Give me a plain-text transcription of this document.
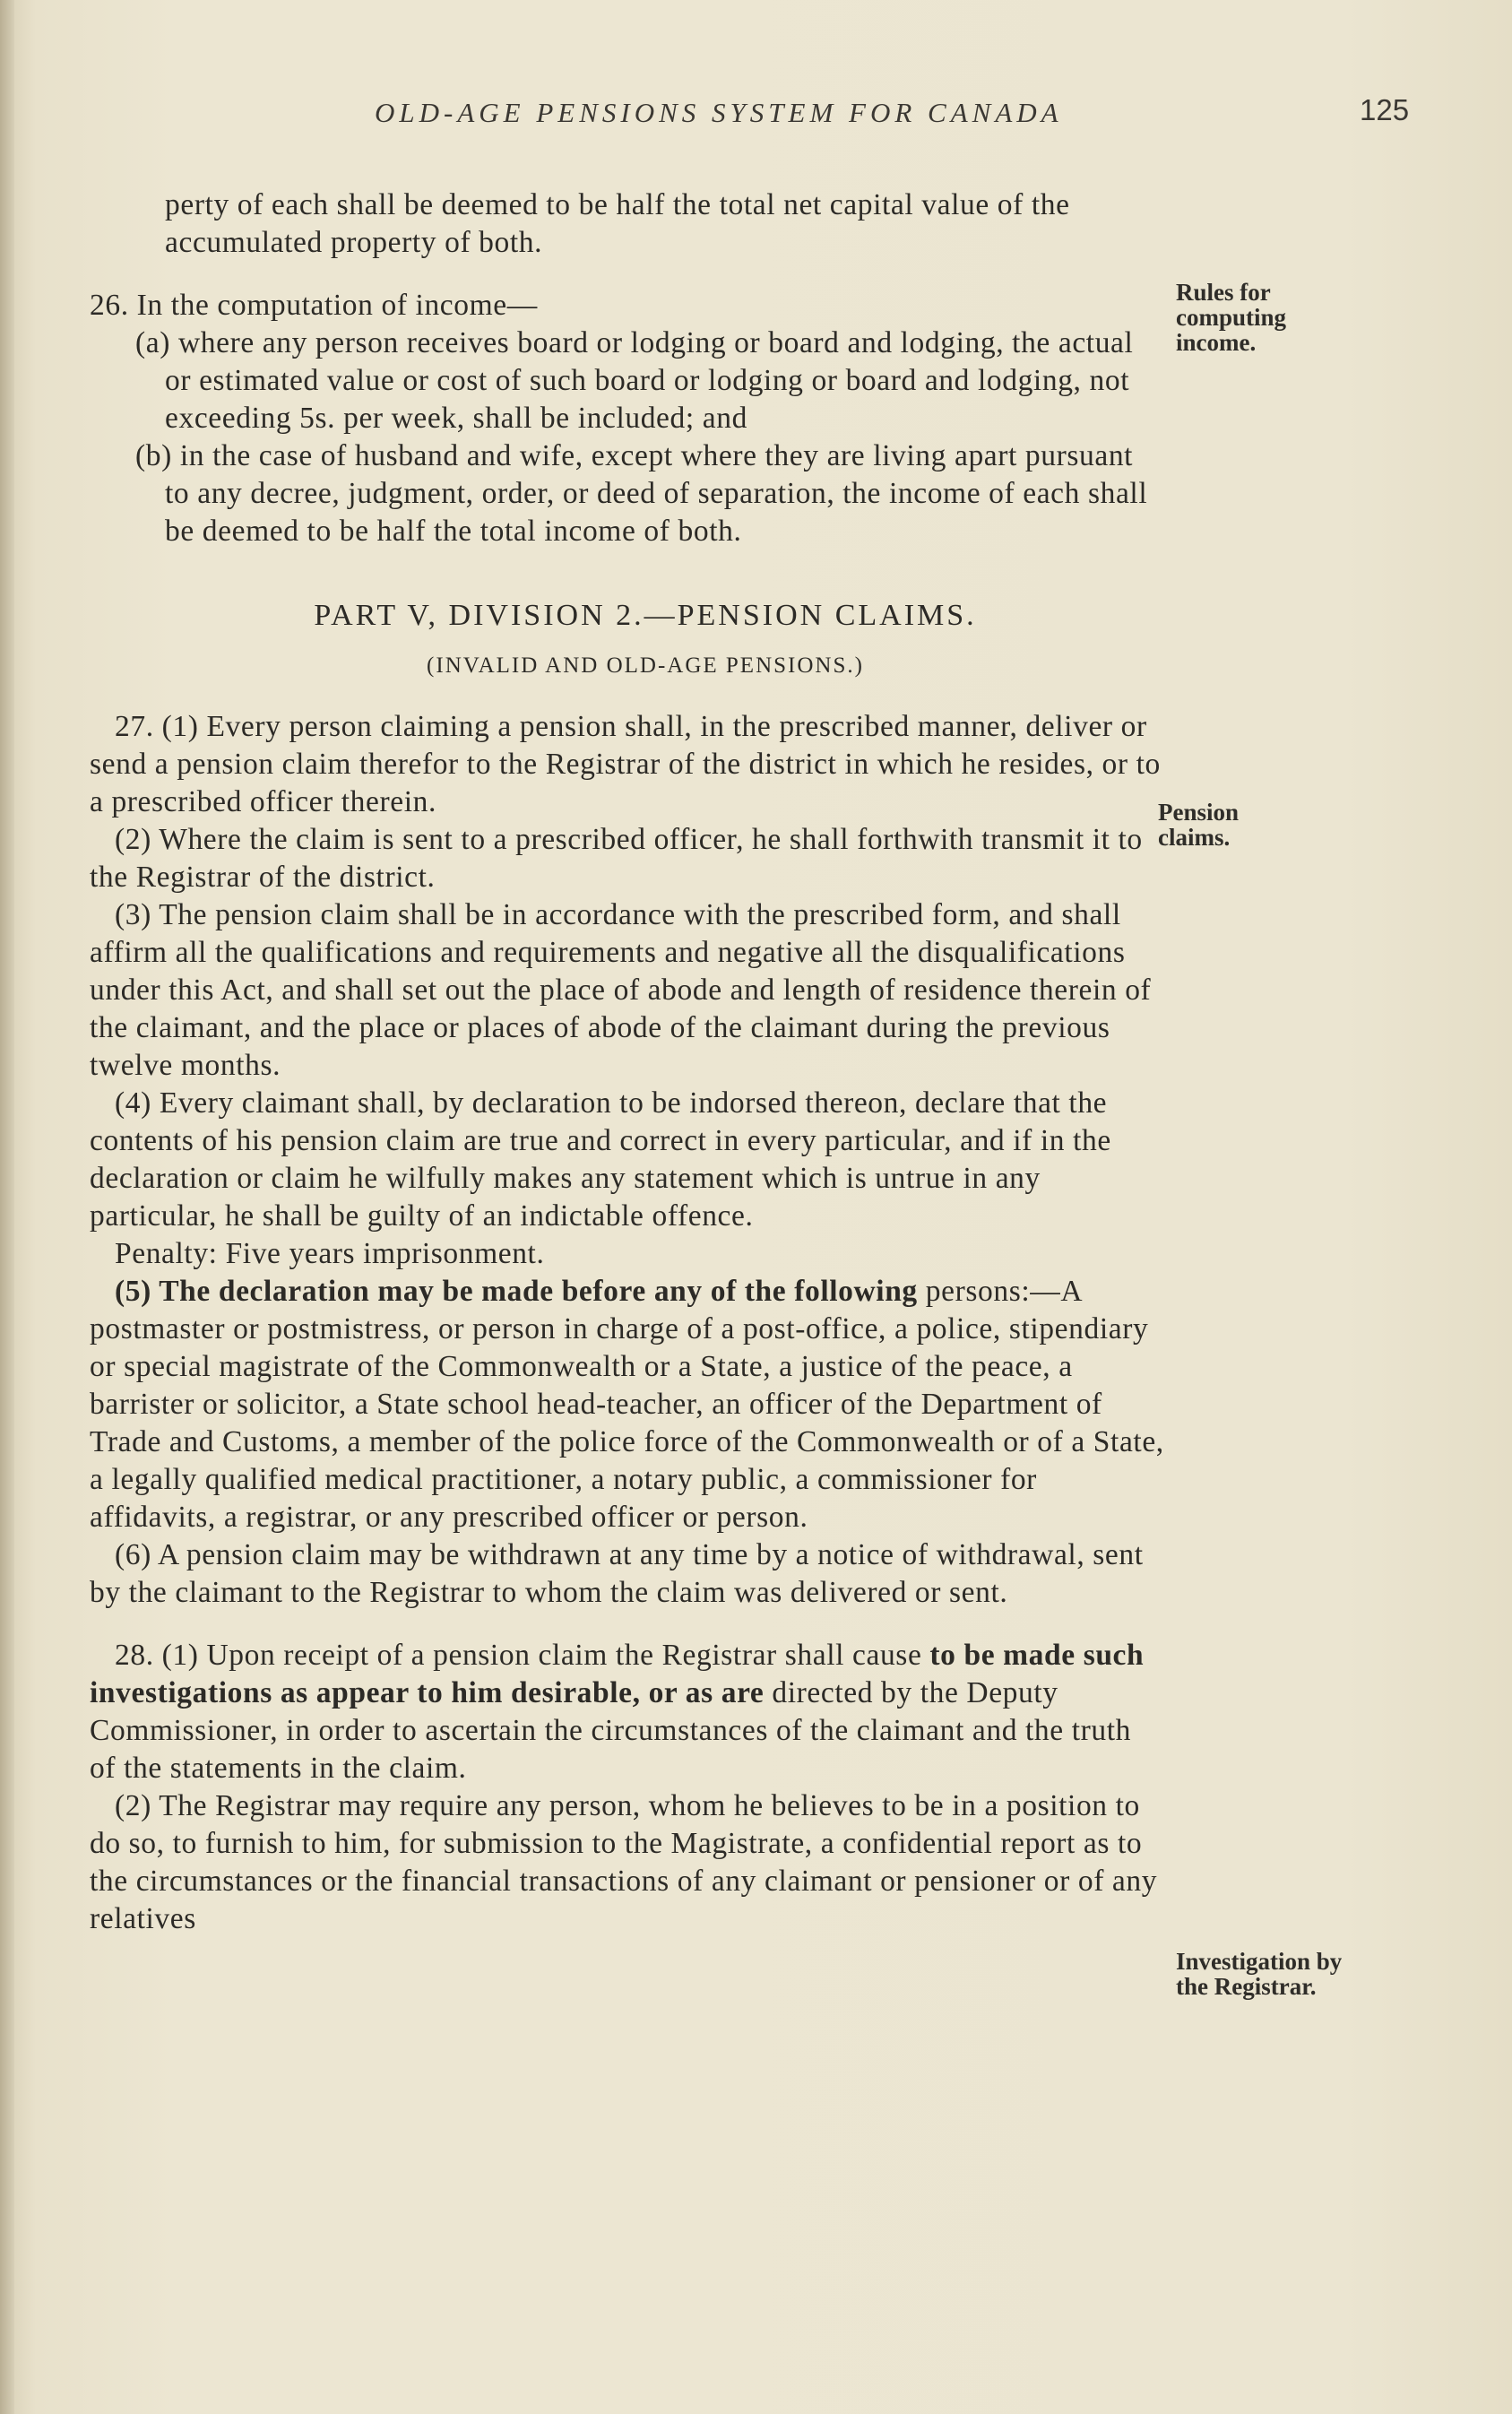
OLD-AGE PENSIONS SYSTEM FOR CANADA	125
Rules for
computing
income.
Pension
claims.
Investigation by
the Registrar.

perty of each shall be deemed to be half the total net capital value of the accumulated property of both.

26. In the computation of income—

(a) where any person receives board or lodging or board and lodging, the actual or estimated value or cost of such board or lodging or board and lodging, not exceeding 5s. per week, shall be included; and

(b) in the case of husband and wife, except where they are living apart pursuant to any decree, judgment, order, or deed of separation, the income of each shall be deemed to be half the total income of both.

PART V, DIVISION 2.—PENSION CLAIMS.
(INVALID AND OLD-AGE PENSIONS.)

27. (1) Every person claiming a pension shall, in the prescribed manner, deliver or send a pension claim therefor to the Registrar of the district in which he resides, or to a prescribed officer therein.

(2) Where the claim is sent to a prescribed officer, he shall forthwith transmit it to the Registrar of the district.

(3) The pension claim shall be in accordance with the prescribed form, and shall affirm all the qualifications and requirements and negative all the disqualifications under this Act, and shall set out the place of abode and length of residence therein of the claimant, and the place or places of abode of the claimant during the previous twelve months.

(4) Every claimant shall, by declaration to be indorsed thereon, declare that the contents of his pension claim are true and correct in every particular, and if in the declaration or claim he wilfully makes any statement which is untrue in any particular, he shall be guilty of an indictable offence.

Penalty: Five years imprisonment.

(5) The declaration may be made before any of the following persons:—A postmaster or postmistress, or person in charge of a post-office, a police, stipendiary or special magistrate of the Commonwealth or a State, a justice of the peace, a barrister or solicitor, a State school head-teacher, an officer of the Department of Trade and Customs, a member of the police force of the Commonwealth or of a State, a legally qualified medical practitioner, a notary public, a commissioner for affidavits, a registrar, or any prescribed officer or person.

(6) A pension claim may be withdrawn at any time by a notice of withdrawal, sent by the claimant to the Registrar to whom the claim was delivered or sent.

28. (1) Upon receipt of a pension claim the Registrar shall cause to be made such investigations as appear to him desirable, or as are directed by the Deputy Commissioner, in order to ascertain the circumstances of the claimant and the truth of the statements in the claim.

(2) The Registrar may require any person, whom he believes to be in a position to do so, to furnish to him, for submission to the Magistrate, a confidential report as to the circumstances or the financial transactions of any claimant or pensioner or of any relatives
